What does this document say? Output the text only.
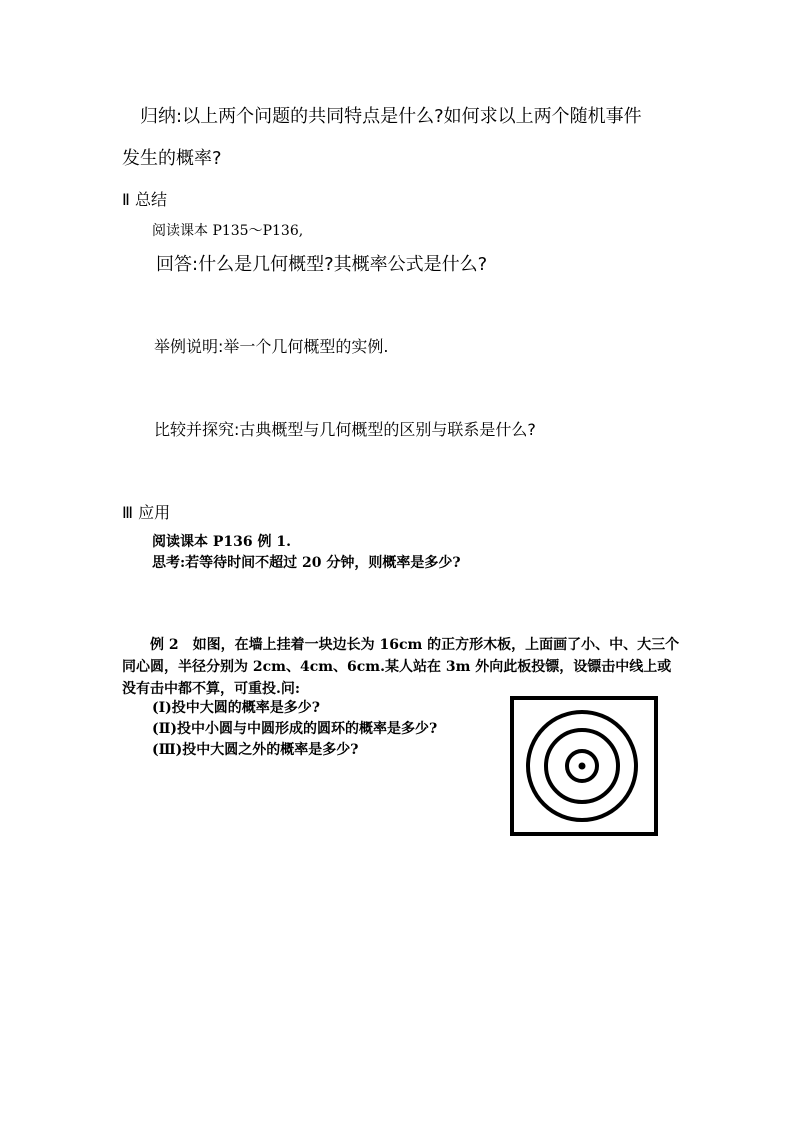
归纳:以上两个问题的共同特点是什么?如何求以上两个随机事件
发生的概率?
Ⅱ 总结
阅读课本 P135～P136,
回答:什么是几何概型?其概率公式是什么?
举例说明:举一个几何概型的实例.
比较并探究:古典概型与几何概型的区别与联系是什么?
Ⅲ 应用
阅读课本 P136 例 1.
思考:若等待时间不超过 20 分钟，则概率是多少?
例 2　如图，在墙上挂着一块边长为 16cm 的正方形木板，上面画了小、中、大三个同心圆，半径分别为 2cm、4cm、6cm.某人站在 3m 外向此板投镖，设镖击中线上或没有击中都不算，可重投.问:
(Ⅰ)投中大圆的概率是多少?
(Ⅱ)投中小圆与中圆形成的圆环的概率是多少?
(Ⅲ)投中大圆之外的概率是多少?
